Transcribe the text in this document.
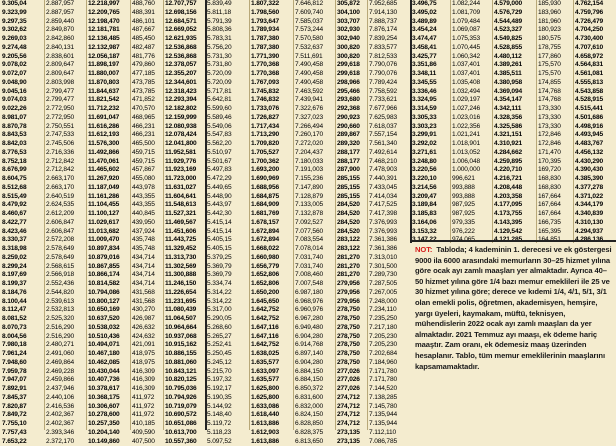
9.305,04
9.323,99
9.297,35
9.302,62
9.269,03
9.274,48
9.205,56
9.078,02
9.072,07
9.048,90
9.045,16
9.074,03
9.022,26
8.981,07
8.870,78
8.843,53
8.842,03
8.776,53
8.752,18
8.676,99
8.604,75
8.512,68
8.515,49
8.479,92
8.460,67
8.422,77
8.423,46
8.330,37
8.318,98
8.259,02
8.299,24
8.197,69
8.199,37
8.184,76
8.100,44
8.112,47
8.081,52
8.070,73
8.004,56
7.980,18
7.961,24
7.948,60
7.959,78
7.947,07
7.892,91
7.845,37
7.820,87
7.849,72
7.755,10
7.757,43
7.653,22
2.887,957
2.887,957
2.859,440
2.849,870
2.842,860
2.840,131
2.838,601
2.809,647
2.809,647
2.803,998
2.799,477
2.799,477
2.772,950
2.772,950
2.750,551
2.747,533
2.745,506
2.716,336
2.712,842
2.712,842
2.663,170
2.663,170
2.640,519
2.624,535
2.612,209
2.606,847
2.606,847
2.572,208
2.578,649
2.578,649
2.568,615
2.566,918
2.552,436
2.544,820
2.539,613
2.532,813
2.525,320
2.516,290
2.516,290
2.480,271
2.491,060
2.469,864
2.469,228
2.459,866
2.437,946
2.440,106
2.416,536
2.402,367
2.402,367
2.393,346
2.372,170
12.218,997
12.209,765
12.198,470
12.181,781
12.136,485
12.132,987
12.056,187
11.898,197
11.880,007
11.870,803
11.844,637
11.821,542
11.712,232
11.691,047
11.616,286
11.612,193
11.576,300
11.492,866
11.470,061
11.465,602
11.267,920
11.187,049
11.161,286
11.104,455
11.100,127
11.029,617
11.013,682
11.009,470
10.897,834
10.879,016
10.867,855
10.866,174
10.814,582
10.794,086
10.800,127
10.650,169
10.637,520
10.538,032
10.510,436
10.494,071
10.467,180
10.462,085
10.430,044
10.407,736
10.378,617
10.368,175
10.306,607
10.278,600
10.257,350
10.204,140
10.149,860
488,760
488,391
486,101
487,667
485,450
482,487
481,776
479,860
477,185
473,785
473,785
471,852
470,570
468,965
466,231
466,231
465,500
459,715
459,715
457,867
455,080
443,978
443,355
443,355
440,845
439,950
437,924
435,748
435,748
434,714
434,714
434,714
434,714
431,568
431,568
430,270
426,987
426,632
424,632
421,091
418,975
418,975
416,309
416,309
416,309
411,972
411,972
411,972
410,185
409,590
407,500
12.707,757
12.698,156
12.684,571
12.669,052
12.621,935
12.536,868
12.536,868
12.378,057
12.355,207
12.344,601
12.318,423
12.293,394
12.182,802
12.159,999
12.080,938
12.078,424
12.041,800
11.952,581
11.929,776
11.923,169
11.723,000
11.631,027
11.604,641
11.548,613
11.527,321
11.469,567
11.451,606
11.443,725
11.329,452
11.313,730
11.302,569
11.300,888
11.246,150
11.226,654
11.231,695
11.080,439
11.064,507
10.964,664
10.937,068
10.915,162
10.886,155
10.881,060
10.843,121
10.820,125
10.795,036
10.794,926
10.719,079
10.690,572
10.651,086
10.613,700
10.557,360
5.839,49
5.811,18
5.791,39
5.808,36
5.783,31
5.756,20
5.731,30
5.731,80
5.720,09
5.720,09
5.717,81
5.642,81
5.599,60
5.589,46
5.549,06
5.547,83
5.562,20
5.510,97
5.501,67
5.497,83
5.472,29
5.449,65
5.448,90
5.443,97
5.442,30
5.415,14
5.415,14
5.405,15
5.405,15
5.379,25
5.369,79
5.369,79
5.334,74
5.314,22
5.314,22
5.317,00
5.290,05
5.268,60
5.265,27
5.252,41
5.250,45
5.245,12
5.215,70
5.197,32
5.192,17
5.190,35
5.144,92
5.148,40
5.119,72
5.118,23
5.097,52
1.807,322
1.798,560
1.793,647
1.789,934
1.787,380
1.787,380
1.771,390
1.770,368
1.770,368
1.767,093
1.745,832
1.746,832
1.733,076
1.726,827
1.717,434
1.713,290
1.709,820
1.705,527
1.700,362
1.693,200
1.690,969
1.688,956
1.684,875
1.684,909
1.681,769
1.678,157
1.672,894
1.672,894
1.668,022
1.660,980
1.656,779
1.652,806
1.652,806
1.650,200
1.645,650
1.642,752
1.642,752
1.647,116
1.647,116
1.642,752
1.638,025
1.635,577
1.633,097
1.635,577
1.625,800
1.625,800
1.633,086
1.618,440
1.613,886
1.612,903
1.613,886
7.646,812
7.609,740
7.585,037
7.573,244
7.570,580
7.532,637
7.511,691
7.490,458
7.490,458
7.490,458
7.463,592
7.439,941
7.322,676
7.327,023
7.266,494
7.260,170
7.272,020
7.204,437
7.180,033
7.191,003
7.155,236
7.147,890
7.128,879
7.133,005
7.132,878
7.092,527
7.077,560
7.083,554
7.078,014
7.031,740
7.031,740
7.008,460
7.007,548
6.987,180
6.968,976
6.960,976
6.967,280
6.949,480
6.904,280
6.914,768
6.897,140
6.904,280
6.884,150
6.884,150
6.850,372
6.831,600
6.832,000
6.824,150
6.828,850
6.828,375
6.813,650
305,872
304,100
303,707
302,930
302,940
300,820
300,820
299,618
299,618
298,966
295,466
293,680
292,368
290,923
290,660
289,867
289,320
288,177
288,177
287,900
285,155
285,155
285,155
284,520
284,520
284,520
284,520
283,122
283,122
281,270
281,270
281,270
279,956
279,956
279,956
278,750
278,750
278,750
278,750
278,750
278,750
278,750
277,026
277,026
277,026
274,712
274,712
274,712
274,712
273,135
273,135
7.952,685
7.914,130
7.888,737
7.876,174
7.839,254
7.833,577
7.812,533
7.790,076
7.790,076
7.789,424
7.758,592
7.733,621
7.677,966
7.625,983
7.618,037
7.557,154
7.561,340
7.492,614
7.468,210
7.478,903
7.440,391
7.433,045
7.414,034
7.417,525
7.417,398
7.376,993
7.376,993
7.361,386
7.361,386
7.313,010
7.301,500
7.289,730
7.287,505
7.267,005
7.248,000
7.234,110
7.235,250
7.217,180
7.205,230
7.205,230
7.202,684
7.184,960
7.171,780
7.171,780
7.144,520
7.138,285
7.145,780
7.135,944
7.135,944
7.112,110
7.086,785
3.496,75
3.495,02
3.489,89
3.454,24
3.474,47
3.458,41
3.425,77
3.351,86
3.348,11
3.345,55
3.336,46
3.324,95
3.314,59
3.305,33
3.303,23
3.299,91
3.292,02
3.271,61
3.248,80
3.220,56
3.220,10
3.214,56
3.209,47
3.189,84
3.185,83
3.164,06
3.153,32
3.147,22
1.082,244
1.081,709
1.079,484
1.069,087
1.075,353
1.070,445
1.060,342
1.037,401
1.037,401
1.035,408
1.032,494
1.029,197
1.027,246
1.023,016
1.022,356
1.021,241
1.018,901
1.013,052
1.006,048
1.000,000
996,621
993,888
993,888
987,925
987,925
979,335
976,222
974,065
4.579,000
4.576,729
4.544,489
4.523,327
4.549,825
4.528,855
4.480,112
4.389,261
4.385,511
4.380,958
4.369,094
4.354,147
4.342,111
4.328,356
4.325,586
4.321,151
4.310,921
4.284,662
4.259,895
4.220,710
4.216,721
4.208,448
4.203,358
4.177,095
4.173,755
4.143,395
4.129,542
4.121,285
185,930
183,960
181,960
180,923
180,575
178,755
177,860
175,570
175,570
174,855
174,768
174,768
173,330
173,330
173,330
172,846
172,846
171,470
170,395
169,720
168,830
168,830
167,664
167,664
167,664
166,735
165,395
164,851
4.762,154
4.759,796
4.726,479
4.704,250
4.730,400
4.707,610
4.658,972
4.564,831
4.561,081
4.555,813
4.543,858
4.528,915
4.515,441
4.501,686
4.498,916
4.493,945
4.483,767
4.456,132
4.430,290
4.390,430
4.385,390
4.377,278
4.371,022
4.344,179
4.340,839
4.310,130
4.294,937
4.286,136
NOT: Tabloda; 4 kademinin 1. derecesi ve ek göstergesi 9000 ila 6000 arasındaki memurların 30–25 hizmet yılına göre ocak ayı zamlı maaşları yer almaktadır. Ayrıca 40–50 hizmet yılına göre 1/4 bazı memur emeklileri ile 25 ve 30 hizmet yılına göre; derece ve kıdemi 1/4, 4/1, 5/1, 3/1 olan emekli polis, öğretmen, akademisyen, hemşire, yargı üyeleri, kaymakam, müftü, teknisyen, mühendislerin 2022 ocak ayı zamlı maaşları da yer almaktadır. 2021 Temmuz ayı maaşı, ek ödeme hariç maaştır. Zam oranı, ek ödemesiz maaş üzerinden hesaplanır. Tablo, tüm memur emeklilerinin maaşlarını kapsamamaktadır.
